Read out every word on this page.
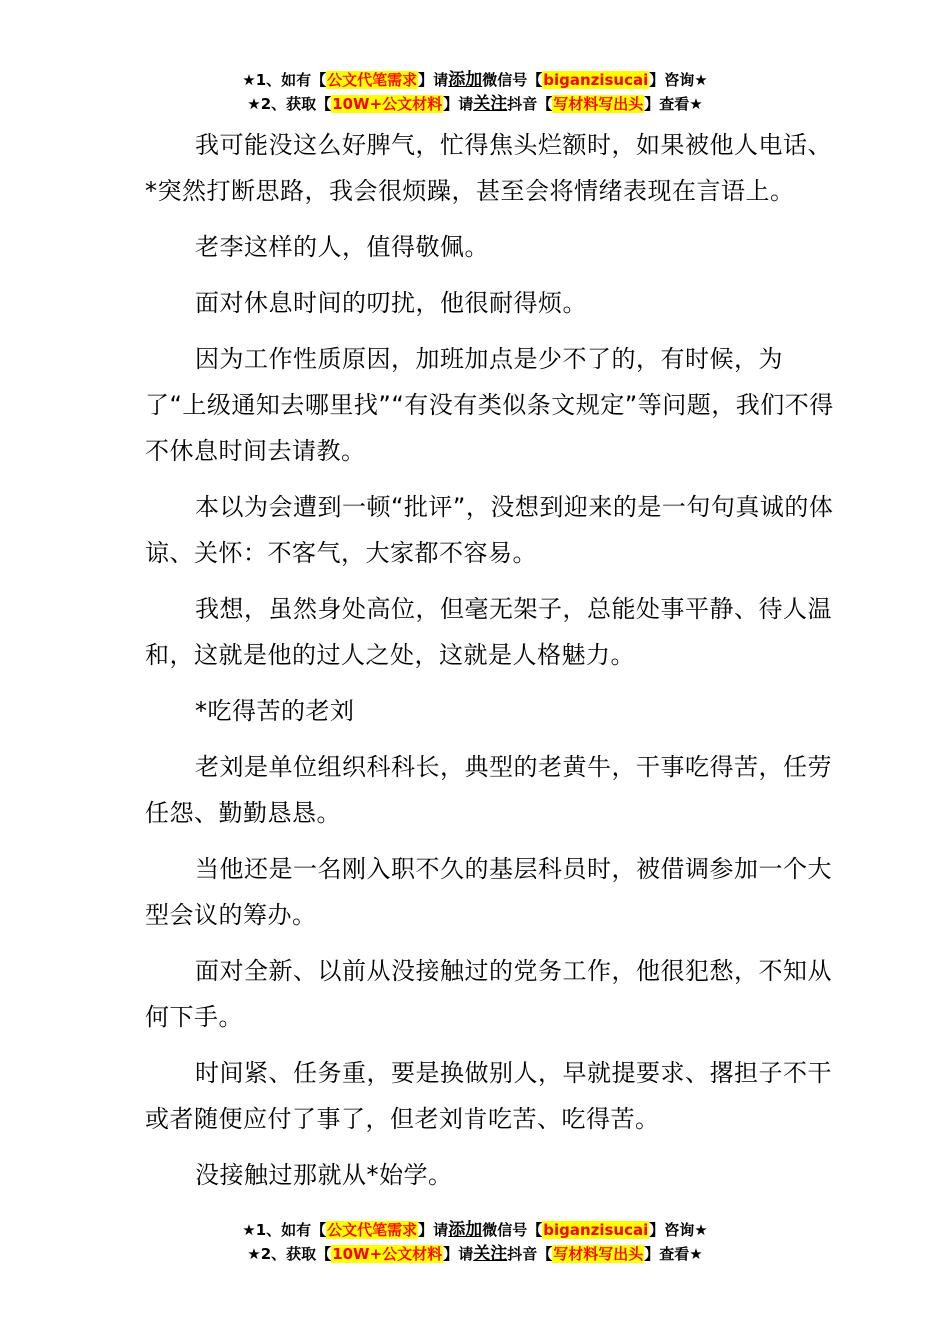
★1、如有【公文代笔需求】请添加微信号【biganzisucai】咨询★
★2、获取【10W+公文材料】请关注抖音【写材料写出头】查看★

我可能没这么好脾气，忙得焦头烂额时，如果被他人电话、*突然打断思路，我会很烦躁，甚至会将情绪表现在言语上。

老李这样的人，值得敬佩。

面对休息时间的叨扰，他很耐得烦。

因为工作性质原因，加班加点是少不了的，有时候，为了“上级通知去哪里找”“有没有类似条文规定”等问题，我们不得不休息时间去请教。

本以为会遭到一顿“批评”，没想到迎来的是一句句真诚的体谅、关怀：不客气，大家都不容易。

我想，虽然身处高位，但毫无架子，总能处事平静、待人温和，这就是他的过人之处，这就是人格魅力。

*吃得苦的老刘

老刘是单位组织科科长，典型的老黄牛，干事吃得苦，任劳任怨、勤勤恳恳。

当他还是一名刚入职不久的基层科员时，被借调参加一个大型会议的筹办。

面对全新、以前从没接触过的党务工作，他很犯愁，不知从何下手。

时间紧、任务重，要是换做别人，早就提要求、撂担子不干或者随便应付了事了，但老刘肯吃苦、吃得苦。

没接触过那就从*始学。

★1、如有【公文代笔需求】请添加微信号【biganzisucai】咨询★
★2、获取【10W+公文材料】请关注抖音【写材料写出头】查看★
